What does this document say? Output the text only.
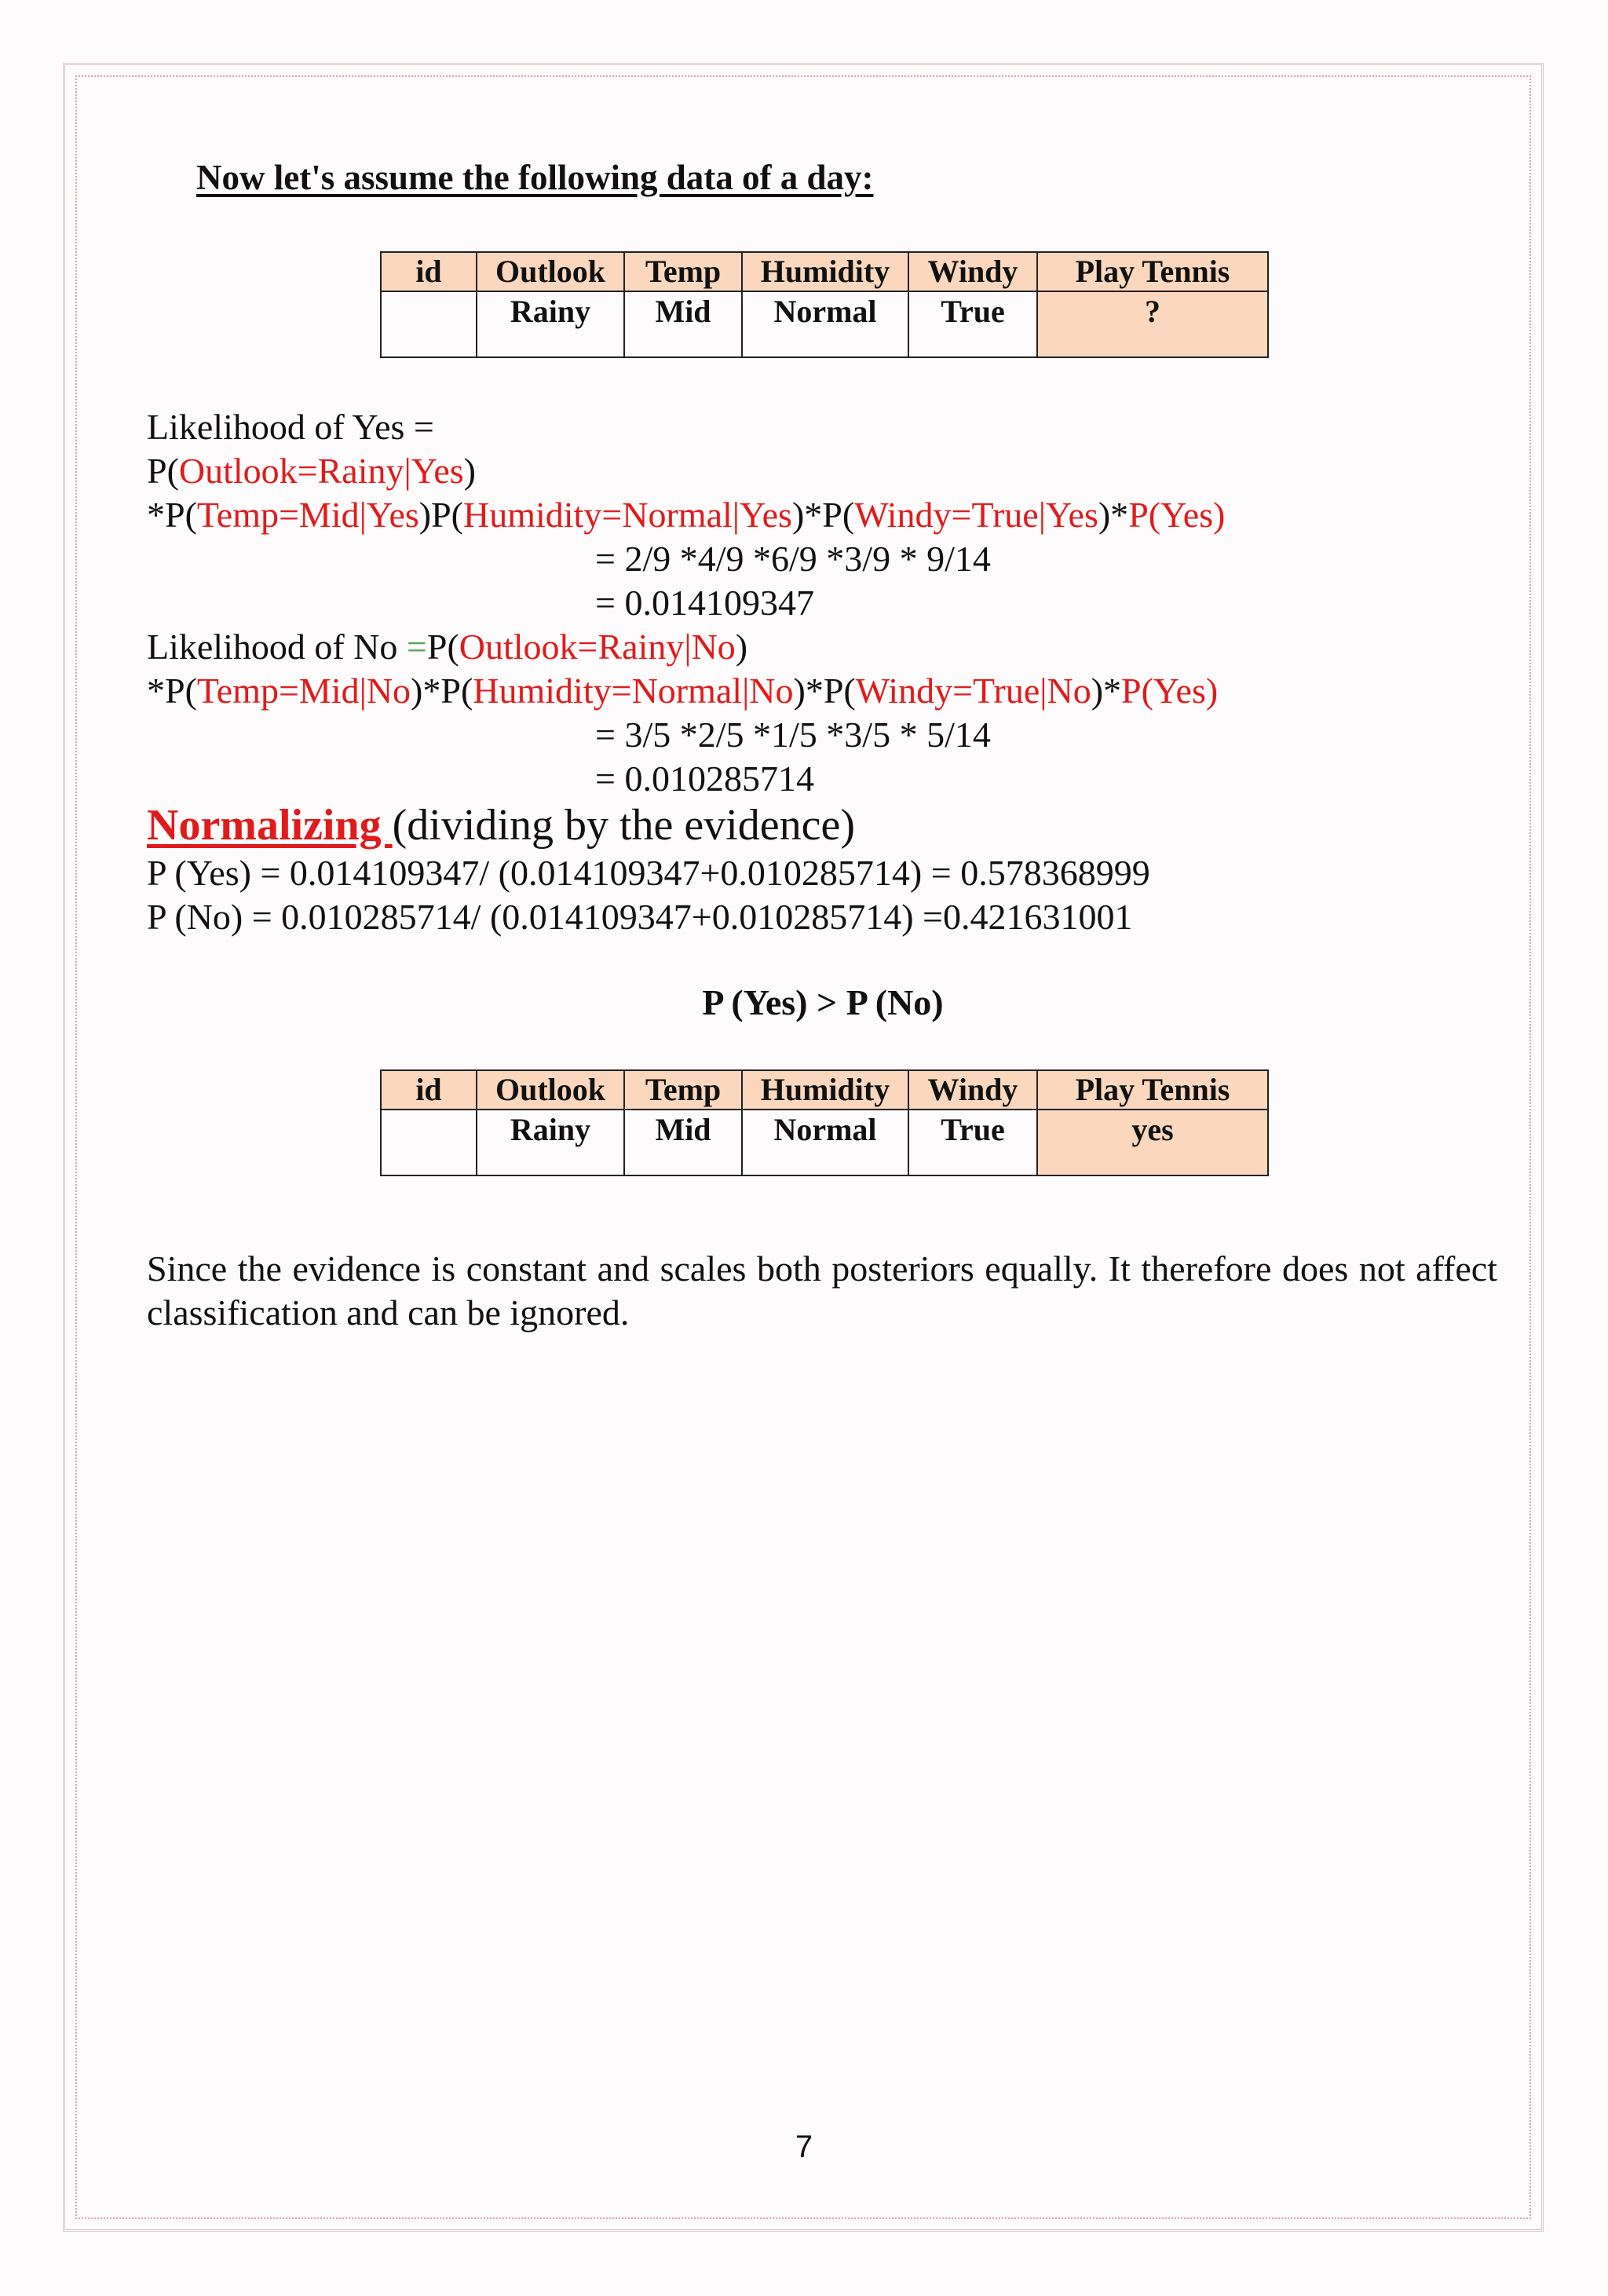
Now let's assume the following data of a day:
id	Outlook	Temp	Humidity	Windy	Play Tennis
	Rainy	Mid	Normal	True	?
Likelihood of Yes =
P(Outlook=Rainy|Yes)
*P(Temp=Mid|Yes)P(Humidity=Normal|Yes)*P(Windy=True|Yes)*P(Yes)
= 2/9 *4/9 *6/9 *3/9 * 9/14
= 0.014109347
Likelihood of No =P(Outlook=Rainy|No)
*P(Temp=Mid|No)*P(Humidity=Normal|No)*P(Windy=True|No)*P(Yes)
= 3/5 *2/5 *1/5 *3/5 * 5/14
= 0.010285714
Normalizing (dividing by the evidence)
P (Yes) = 0.014109347/ (0.014109347+0.010285714) = 0.578368999
P (No) = 0.010285714/ (0.014109347+0.010285714) =0.421631001
P (Yes) > P (No)
id	Outlook	Temp	Humidity	Windy	Play Tennis
	Rainy	Mid	Normal	True	yes
Since the evidence is constant and scales both posteriors equally. It therefore does not affect classification and can be ignored.
7
